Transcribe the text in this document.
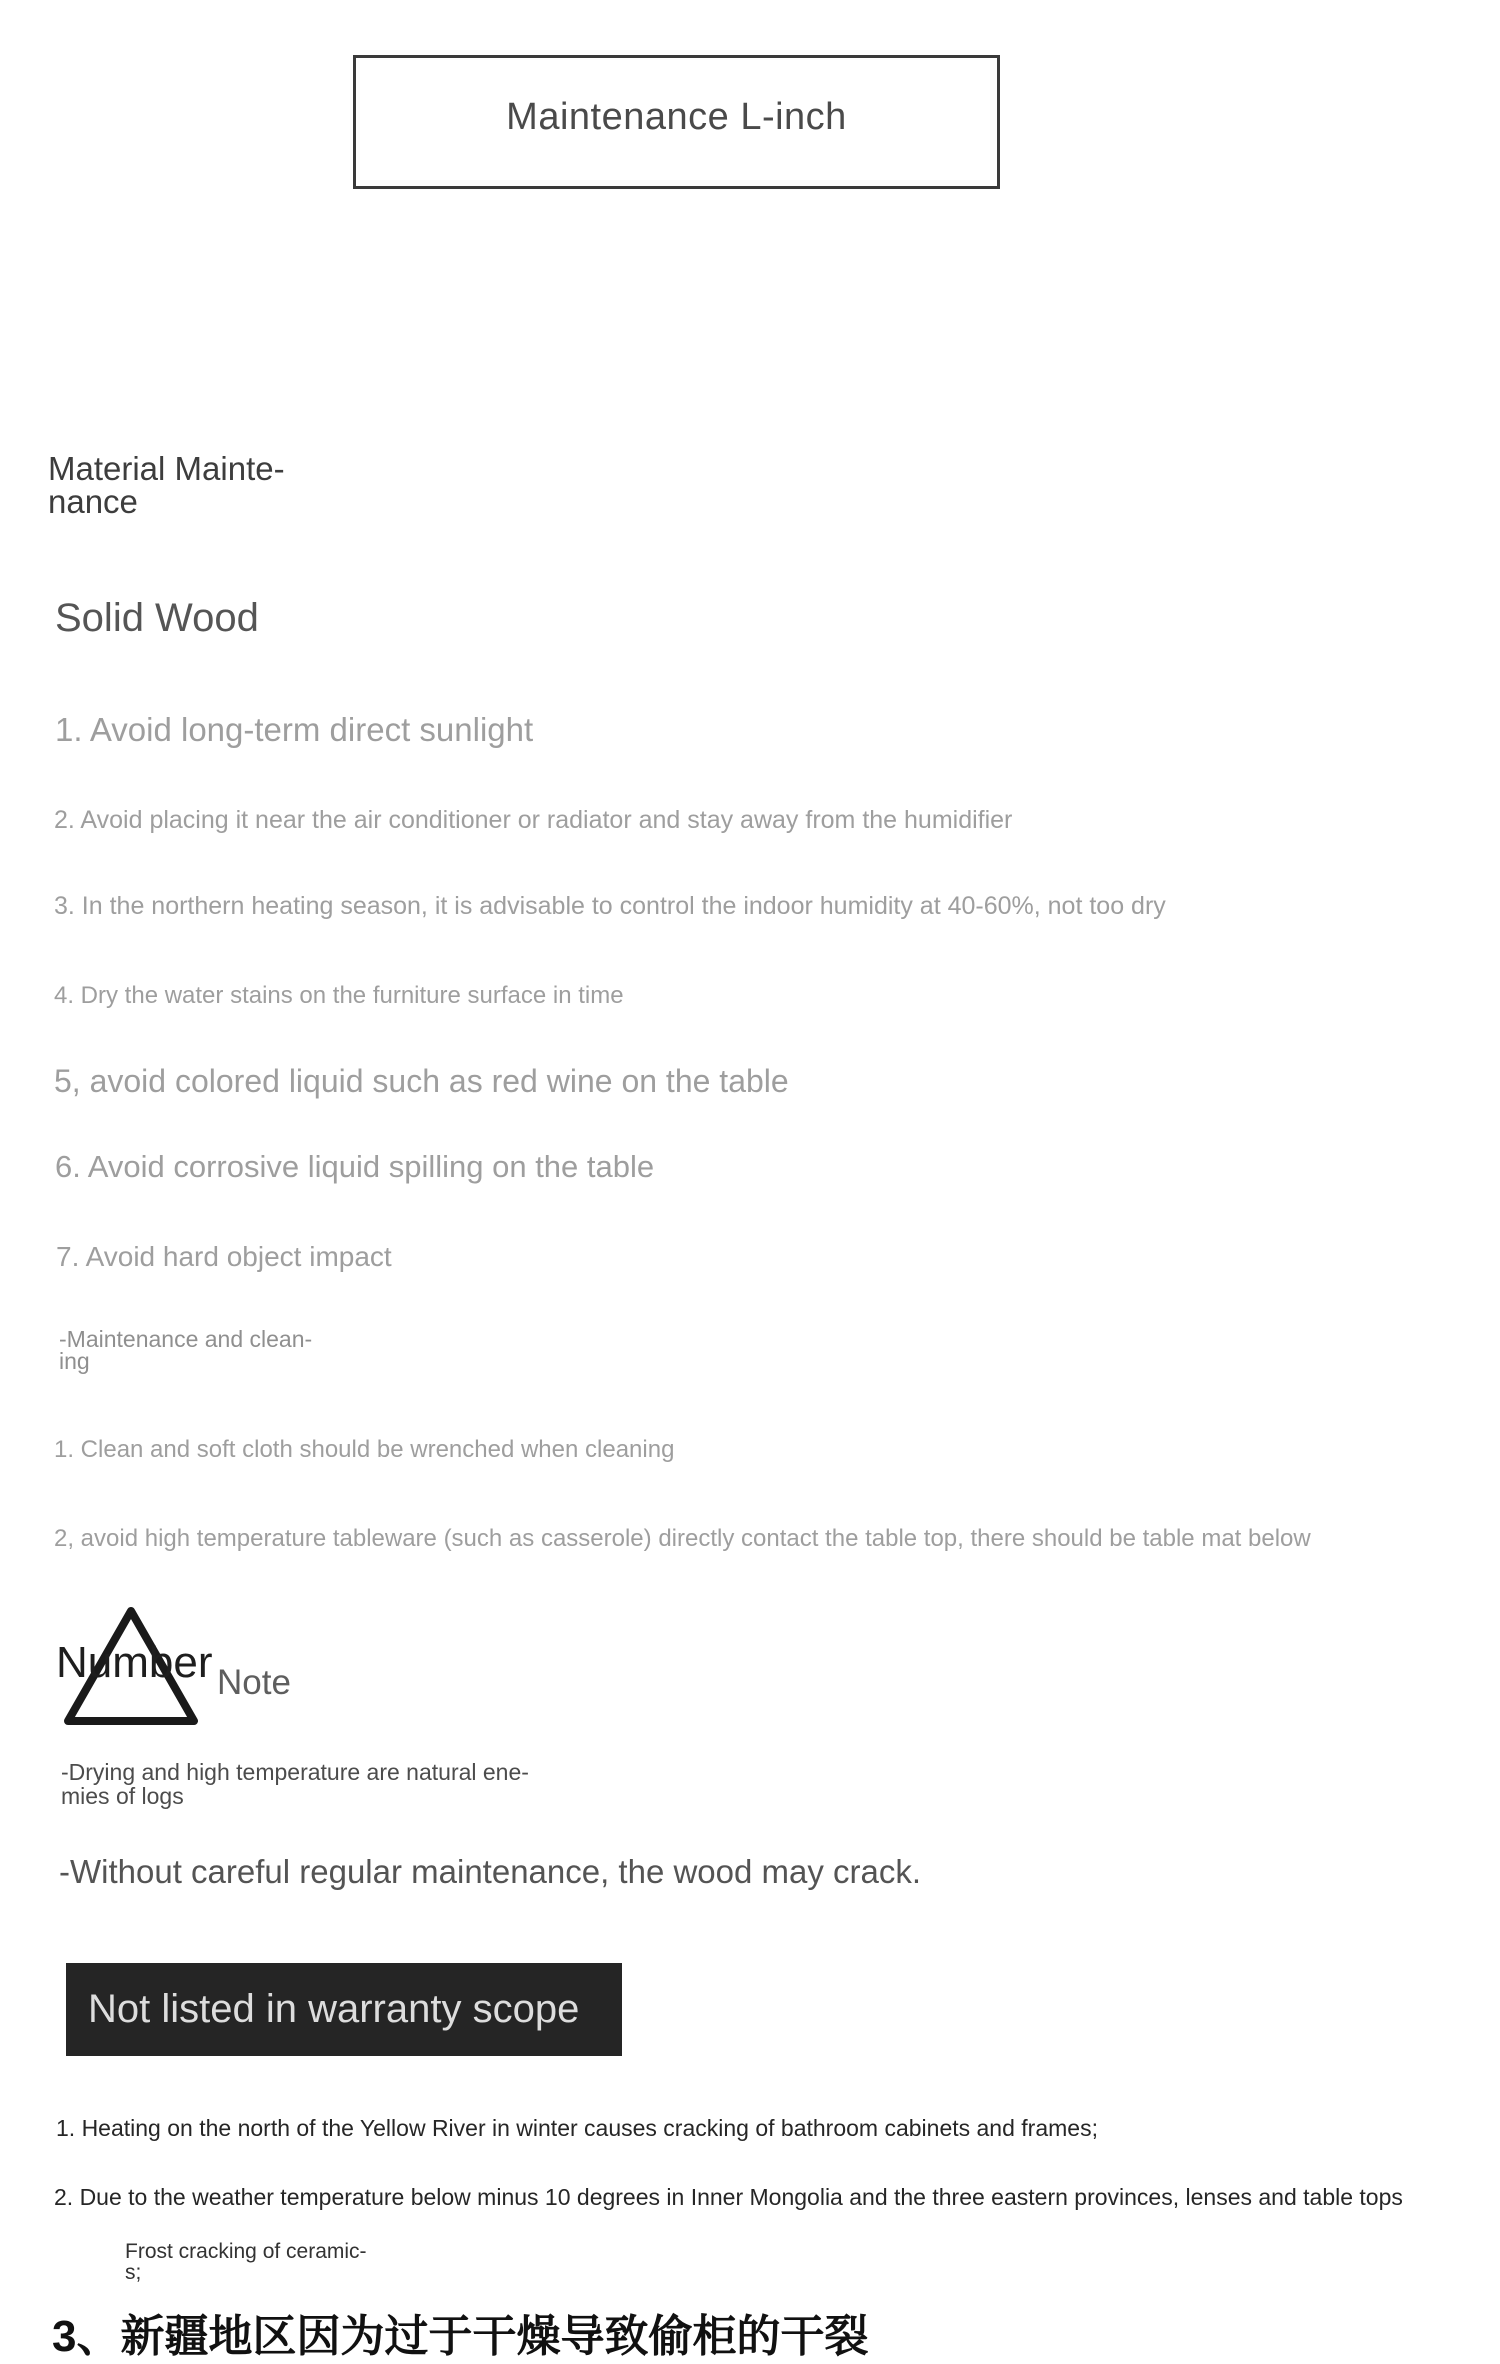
Maintenance L-inch

Material Mainte-
nance

Solid Wood

1. Avoid long-term direct sunlight

2. Avoid placing it near the air conditioner or radiator and stay away from the humidifier

3. In the northern heating season, it is advisable to control the indoor humidity at 40-60%, not too dry

4. Dry the water stains on the furniture surface in time

5, avoid colored liquid such as red wine on the table

6. Avoid corrosive liquid spilling on the table

7. Avoid hard object impact

-Maintenance and clean-
ing

1. Clean and soft cloth should be wrenched when cleaning

2, avoid high temperature tableware (such as casserole) directly contact the table top, there should be table mat below

Number Note

-Drying and high temperature are natural ene-
mies of logs

-Without careful regular maintenance, the wood may crack.

Not listed in warranty scope

1. Heating on the north of the Yellow River in winter causes cracking of bathroom cabinets and frames;

2. Due to the weather temperature below minus 10 degrees in Inner Mongolia and the three eastern provinces, lenses and table tops

Frost cracking of ceramic-
s;

3、新疆地区因为过于干燥导致偷柜的干裂
